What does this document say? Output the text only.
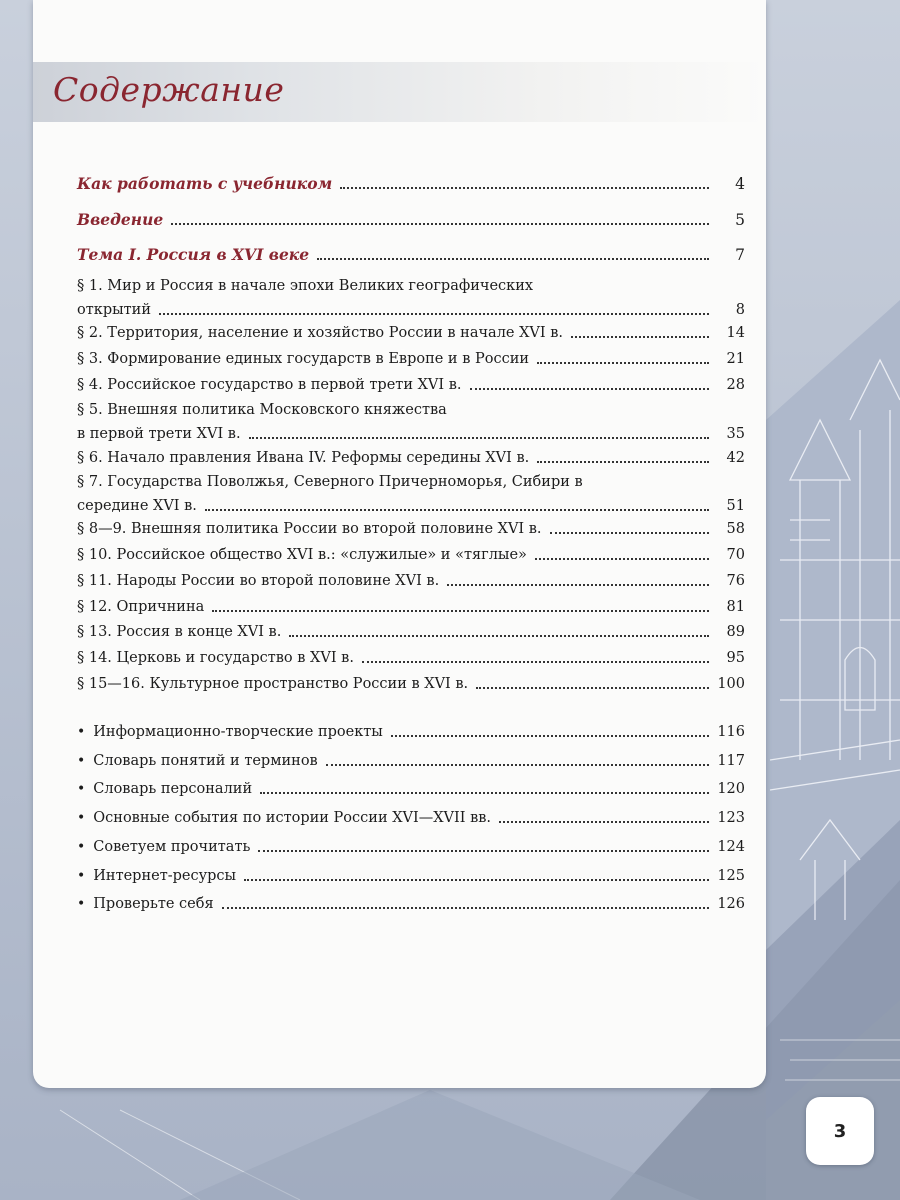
Содержание
Как работать с учебником	4
Введение	5
Тема I. Россия в XVI веке	7
§ 1. Мир и Россия в начале эпохи Великих географических
открытий	8
§ 2. Территория, население и хозяйство России в начале XVI в.	14
§ 3. Формирование единых государств в Европе и в России	21
§ 4. Российское государство в первой трети XVI в.	28
§ 5. Внешняя политика Московского княжества
в первой трети XVI в.	35
§ 6. Начало правления Ивана IV. Реформы середины XVI в.	42
§ 7. Государства Поволжья, Северного Причерноморья, Сибири в
середине XVI в.	51
§ 8—9. Внешняя политика России во второй половине XVI в.	58
§ 10. Российское общество XVI в.: «служилые» и «тяглые»	70
§ 11. Народы России во второй половине XVI в.	76
§ 12. Опричнина	81
§ 13. Россия в конце XVI в.	89
§ 14. Церковь и государство в XVI в.	95
§ 15—16. Культурное пространство России в XVI в.	100
• Информационно-творческие проекты	116
• Словарь понятий и терминов	117
• Словарь персоналий	120
• Основные события по истории России XVI—XVII вв.	123
• Советуем прочитать	124
• Интернет-ресурсы	125
• Проверьте себя	126
3
